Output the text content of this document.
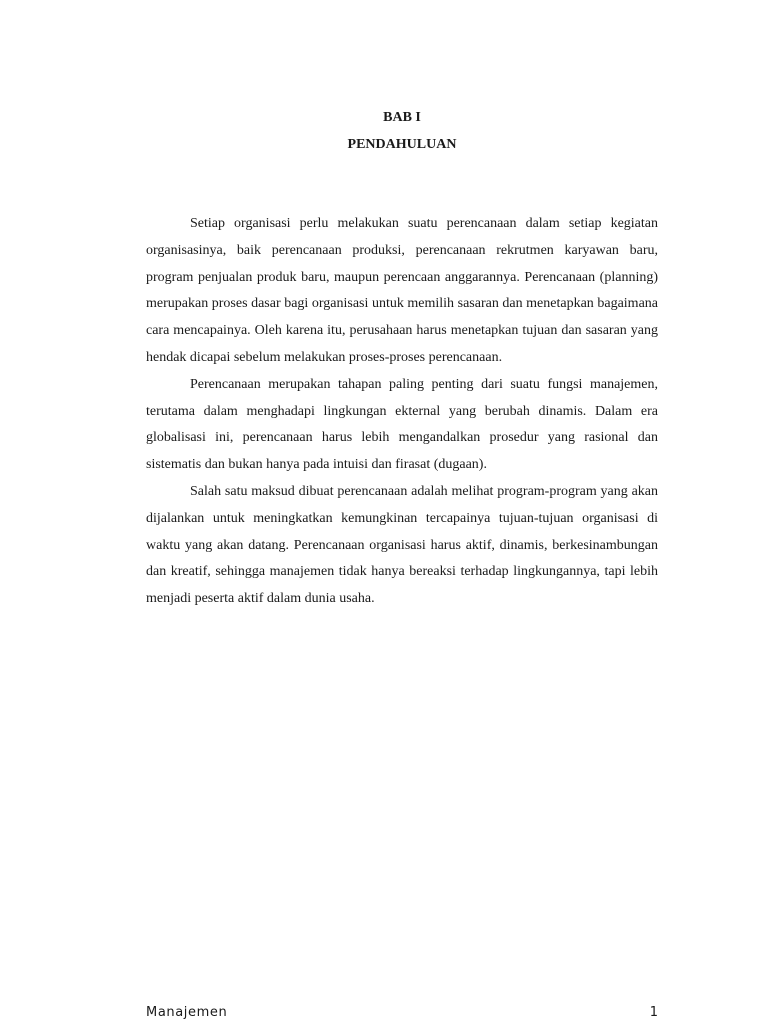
BAB I

PENDAHULUAN

Setiap organisasi perlu melakukan suatu perencanaan dalam setiap kegiatan organisasinya, baik perencanaan produksi, perencanaan rekrutmen karyawan baru, program penjualan produk baru, maupun perencaan anggarannya. Perencanaan (planning) merupakan proses dasar bagi organisasi untuk memilih sasaran dan menetapkan bagaimana cara mencapainya. Oleh karena itu, perusahaan harus menetapkan tujuan dan sasaran yang hendak dicapai sebelum melakukan proses-proses perencanaan.

Perencanaan merupakan tahapan paling penting dari suatu fungsi manajemen, terutama dalam menghadapi lingkungan ekternal yang berubah dinamis. Dalam era globalisasi ini, perencanaan harus lebih mengandalkan prosedur yang rasional dan sistematis dan bukan hanya pada intuisi dan firasat (dugaan).

Salah satu maksud dibuat perencanaan adalah melihat program-program yang akan dijalankan untuk meningkatkan kemungkinan tercapainya tujuan-tujuan organisasi di waktu yang akan datang. Perencanaan organisasi harus aktif, dinamis, berkesinambungan dan kreatif, sehingga manajemen tidak hanya bereaksi terhadap lingkungannya, tapi lebih menjadi peserta aktif dalam dunia usaha.

Manajemen	1
